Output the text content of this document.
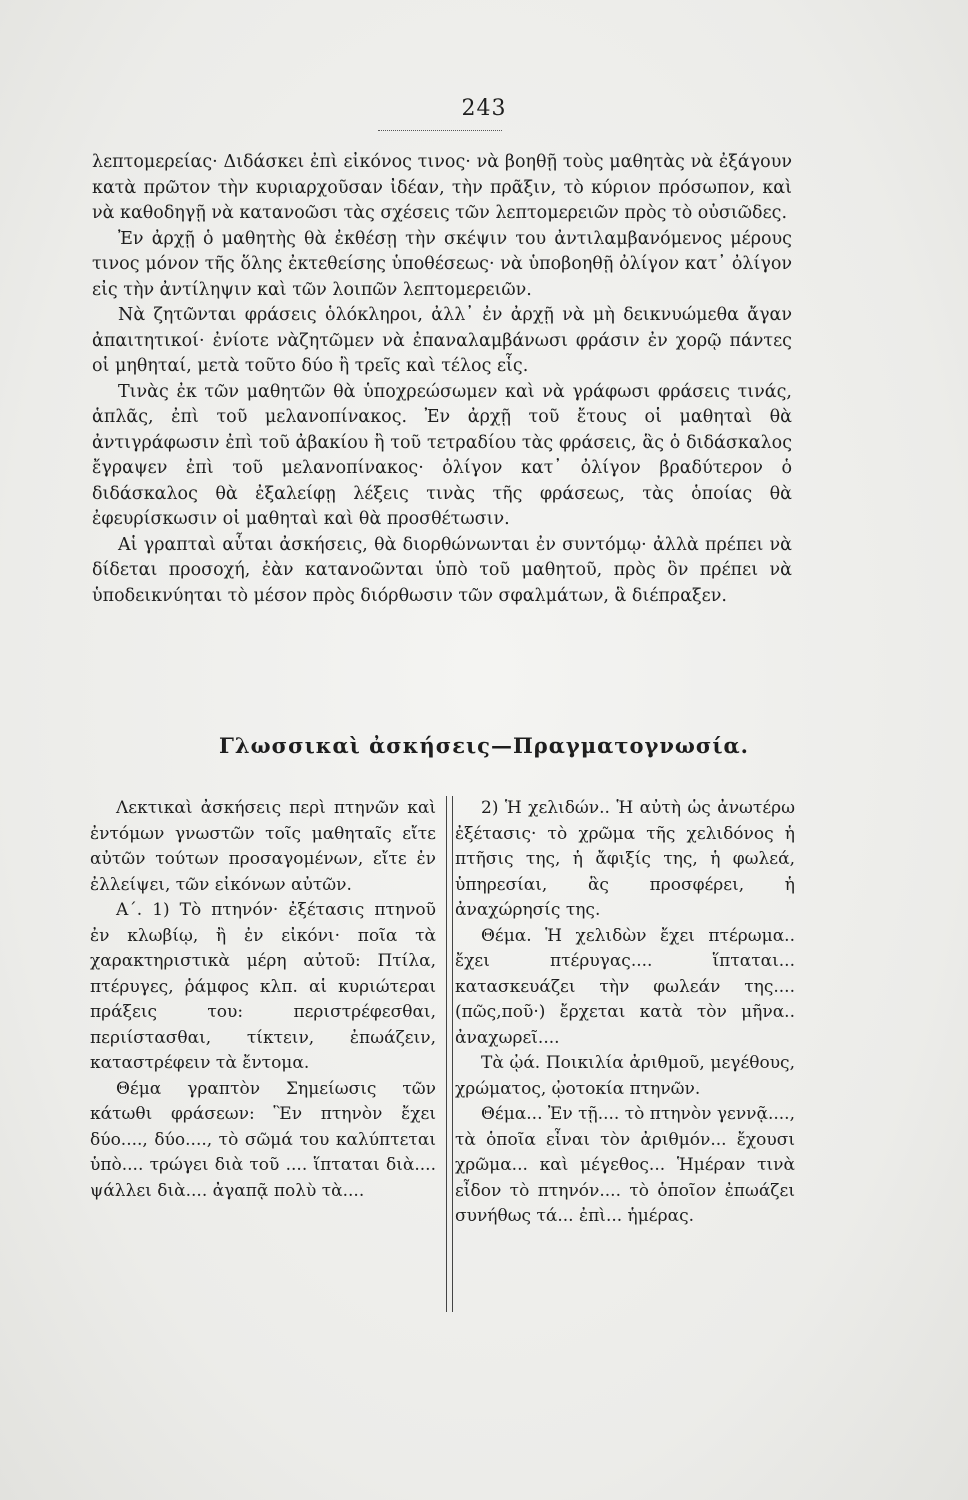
243

λεπτομερείας· Διδάσκει ἐπὶ εἰκόνος τινος· νὰ βοηθῇ τοὺς μαθητὰς νὰ ἐξάγουν κατὰ πρῶτον τὴν κυριαρχοῦσαν ἰδέαν, τὴν πρᾶξιν, τὸ κύριον πρόσωπον, καὶ νὰ καθοδηγῇ νὰ κατανοῶσι τὰς σχέσεις τῶν λεπτομερειῶν πρὸς τὸ οὐσιῶδες.

Ἐν ἀρχῇ ὁ μαθητὴς θὰ ἐκθέσῃ τὴν σκέψιν του ἀντιλαμβανόμενος μέρους τινος μόνον τῆς ὅλης ἐκτεθείσης ὑποθέσεως· νὰ ὑποβοηθῇ ὀλίγον κατ᾽ ὀλίγον εἰς τὴν ἀντίληψιν καὶ τῶν λοιπῶν λεπτομερειῶν.

Νὰ ζητῶνται φράσεις ὁλόκληροι, ἀλλ᾽ ἐν ἀρχῇ νὰ μὴ δεικνυώμεθα ἄγαν ἀπαιτητικοί· ἐνίοτε νὰζητῶμεν νὰ ἐπαναλαμβάνωσι φράσιν ἐν χορῷ πάντες οἱ μηθηταί, μετὰ τοῦτο δύο ἢ τρεῖς καὶ τέλος εἷς.

Τινὰς ἐκ τῶν μαθητῶν θὰ ὑποχρεώσωμεν καὶ νὰ γράφωσι φράσεις τινάς, ἁπλᾶς, ἐπὶ τοῦ μελανοπίνακος. Ἐν ἀρχῇ τοῦ ἔτους οἱ μαθηταὶ θὰ ἀντιγράφωσιν ἐπὶ τοῦ ἀβακίου ἢ τοῦ τετραδίου τὰς φράσεις, ἃς ὁ διδάσκαλος ἔγραψεν ἐπὶ τοῦ μελανοπίνακος· ὀλίγον κατ᾽ ὀλίγον βραδύτερον ὁ διδάσκαλος θὰ ἐξαλείφῃ λέξεις τινὰς τῆς φράσεως, τὰς ὁποίας θὰ ἐφευρίσκωσιν οἱ μαθηταὶ καὶ θὰ προσθέτωσιν.

Αἱ γραπταὶ αὗται ἀσκήσεις, θὰ διορθώνωνται ἐν συντόμῳ· ἀλλὰ πρέπει νὰ δίδεται προσοχή, ἐὰν κατανοῶνται ὑπὸ τοῦ μαθητοῦ, πρὸς ὃν πρέπει νὰ ὑποδεικνύηται τὸ μέσον πρὸς διόρθωσιν τῶν σφαλμάτων, ἃ διέπραξεν.

Γλωσσικαὶ ἀσκήσεις—Πραγματογνωσία.

Λεκτικαὶ ἀσκήσεις περὶ πτηνῶν καὶ ἐντόμων γνωστῶν τοῖς μαθηταῖς εἴτε αὐτῶν τούτων προσαγομένων, εἴτε ἐν ἐλλείψει, τῶν εἰκόνων αὐτῶν.

Α΄. 1) Τὸ πτηνόν· ἐξέτασις πτηνοῦ ἐν κλωβίῳ, ἢ ἐν εἰκόνι· ποῖα τὰ χαρακτηριστικὰ μέρη αὐτοῦ: Πτίλα, πτέρυγες, ῥάμφος κλπ. αἱ κυριώτεραι πράξεις του: περιστρέφεσθαι, περιίστασθαι, τίκτειν, ἐπωάζειν, καταστρέφειν τὰ ἔντομα.

Θέμα γραπτὸν Σημείωσις τῶν κάτωθι φράσεων: Ἓν πτηνὸν ἔχει δύο...., δύο...., τὸ σῶμά του καλύπτεται ὑπὸ.... τρώγει διὰ τοῦ .... ἵπταται διὰ.... ψάλλει διὰ.... ἀγαπᾷ πολὺ τὰ....

2) Ἡ χελιδών.. Ἡ αὐτὴ ὡς ἀνωτέρω ἐξέτασις· τὸ χρῶμα τῆς χελιδόνος ἡ πτῆσις της, ἡ ἄφιξίς της, ἡ φωλεά, ὑπηρεσίαι, ἃς προσφέρει, ἡ ἀναχώρησίς της.

Θέμα. Ἡ χελιδὼν ἔχει πτέρωμα.. ἔχει πτέρυγας.... ἵπταται... κατασκευάζει τὴν φωλεάν της.... (πῶς,ποῦ·) ἔρχεται κατὰ τὸν μῆνα.. ἀναχωρεῖ....

Τὰ ᾠά. Ποικιλία ἀριθμοῦ, μεγέθους, χρώματος, ᾠοτοκία πτηνῶν.

Θέμα... Ἐν τῇ.... τὸ πτηνὸν γεννᾷ...., τὰ ὁποῖα εἶναι τὸν ἀριθμόν... ἔχουσι χρῶμα... καὶ μέγεθος... Ἡμέραν τινὰ εἶδον τὸ πτηνόν.... τὸ ὁποῖον ἐπωάζει συνήθως τά... ἐπὶ... ἡμέρας.
